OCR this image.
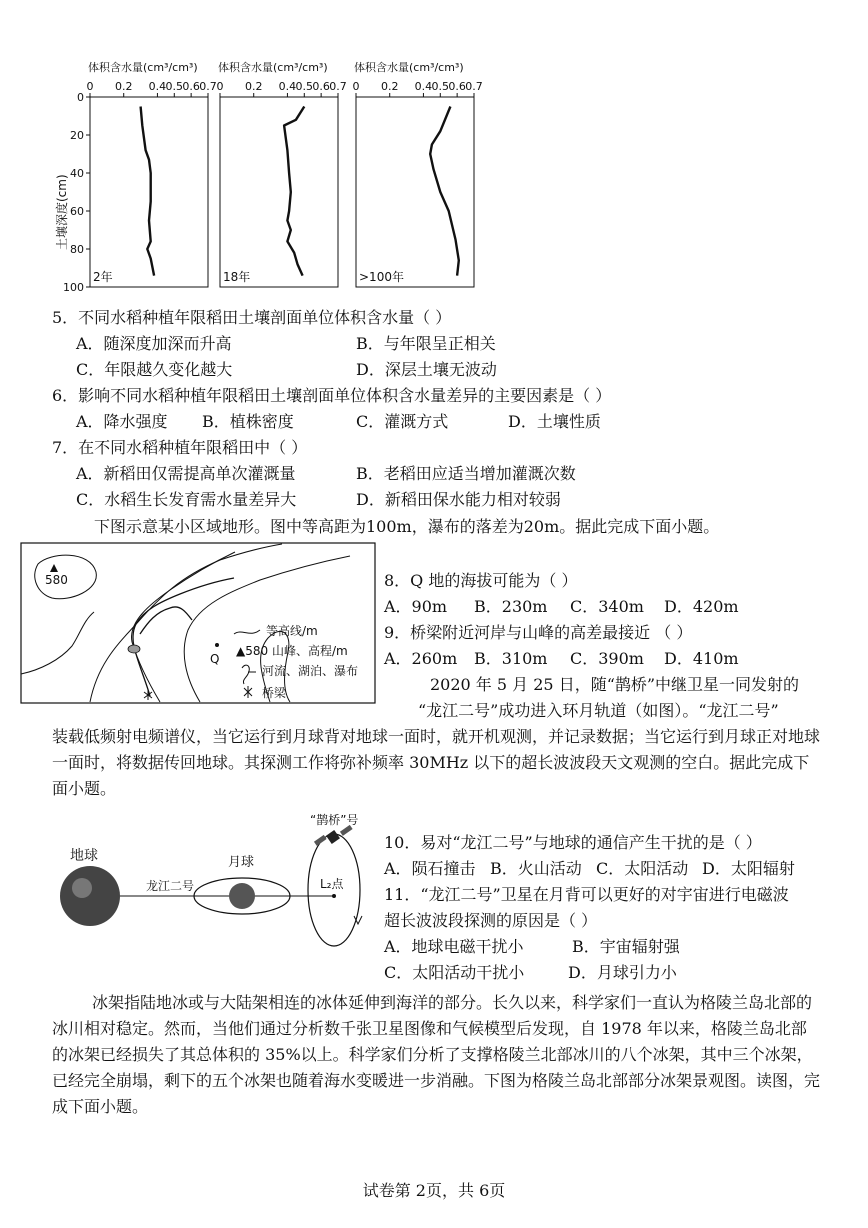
体积含水量(cm³/cm³) 体积含水量(cm³/cm³) 体积含水量(cm³/cm³)
0 0.2 0.4 0.5 0.6 0.7
0
20
40
60
80
100
2年
0 0.2 0.4 0.5 0.6 0.7
18年
0 0.2 0.4 0.5 0.6 0.7
>100年
土壤深度(cm)
5．不同水稻种植年限稻田土壤剖面单位体积含水量（ ）
A．随深度加深而升高	B．与年限呈正相关
C．年限越久变化越大	D．深层土壤无波动
6．影响不同水稻种植年限稻田土壤剖面单位体积含水量差异的主要因素是（ ）
A．降水强度 B．植株密度	C．灌溉方式	D．土壤性质
7．在不同水稻种植年限稻田中（ ）
A．新稻田仅需提高单次灌溉量	B．老稻田应适当增加灌溉次数
C．水稻生长发育需水量差异大	D．新稻田保水能力相对较弱
下图示意某小区域地形。图中等高距为100m，瀑布的落差为20m。据此完成下面小题。
580
Q
等高线/m
▲580 山峰、高程/m
河流、湖泊、瀑布
桥梁
8．Q 地的海拔可能为（ ）
A．90m B．230m C．340m D．420m
9．桥梁附近河岸与山峰的高差最接近 （ ）
A．260m B．310m C．390m D．410m
2020 年 5 月 25 日，随“鹊桥”中继卫星一同发射的
“龙江二号”成功进入环月轨道（如图）。“龙江二号”
装载低频射电频谱仪，当它运行到月球背对地球一面时，就开机观测，并记录数据；当它运行到月球正对地球一面时，将数据传回地球。其探测工作将弥补频率 30MHz 以下的超长波波段天文观测的空白。据此完成下面小题。
地球
龙江二号
月球
L₂点
“鹊桥”号
10．易对“龙江二号”与地球的通信产生干扰的是（ ）
A．陨石撞击 B．火山活动 C．太阳活动 D．太阳辐射
11．“龙江二号”卫星在月背可以更好的对宇宙进行电磁波
超长波波段探测的原因是（ ）
A．地球电磁干扰小	B．宇宙辐射强
C．太阳活动干扰小	D．月球引力小
冰架指陆地冰或与大陆架相连的冰体延伸到海洋的部分。长久以来，科学家们一直认为格陵兰岛北部的冰川相对稳定。然而，当他们通过分析数千张卫星图像和气候模型后发现，自 1978 年以来，格陵兰岛北部的冰架已经损失了其总体积的 35%以上。科学家们分析了支撑格陵兰北部冰川的八个冰架，其中三个冰架，已经完全崩塌，剩下的五个冰架也随着海水变暖进一步消融。下图为格陵兰岛北部部分冰架景观图。读图，完成下面小题。
试卷第 2页，共 6页
